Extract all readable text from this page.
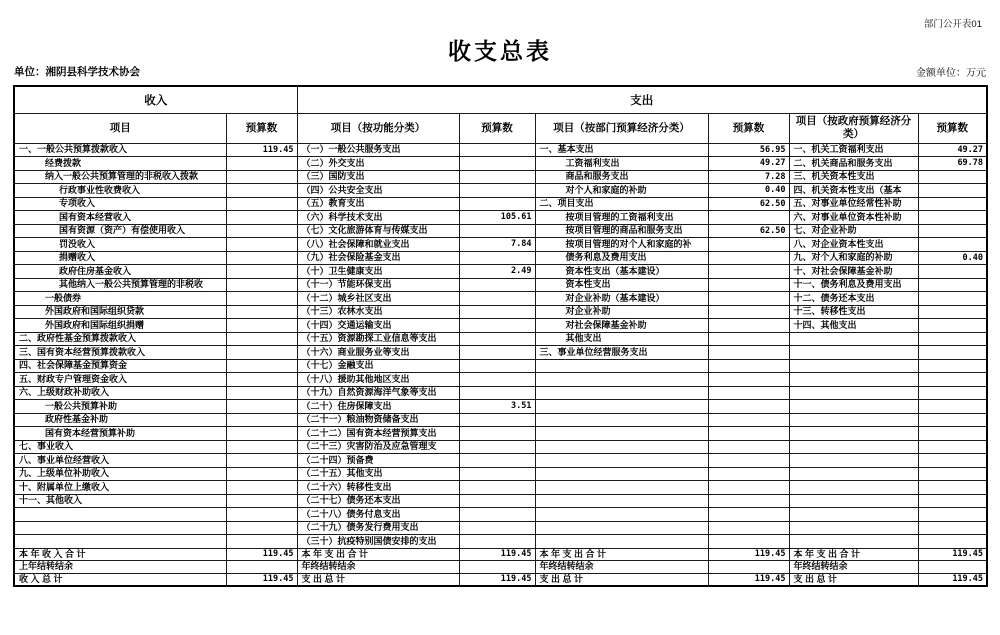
部门公开表01
收支总表
单位：湘阴县科学技术协会	金额单位：万元
收入		支出					
项目	预算数	项目（按功能分类）	预算数	项目（按部门预算经济分类）	预算数	项目（按政府预算经济分类）	预算数
一、一般公共预算拨款收入	119.45	（一）一般公共服务支出		一、基本支出	56.95	一、机关工资福利支出	49.27
经费拨款		（二）外交支出		工资福利支出	49.27	二、机关商品和服务支出	69.78
纳入一般公共预算管理的非税收入拨款		（三）国防支出		商品和服务支出	7.28	三、机关资本性支出	
行政事业性收费收入		（四）公共安全支出		对个人和家庭的补助	0.40	四、机关资本性支出（基本	
专项收入		（五）教育支出		二、项目支出	62.50	五、对事业单位经常性补助	
国有资本经营收入		（六）科学技术支出	105.61	按项目管理的工资福利支出		六、对事业单位资本性补助	
国有资源（资产）有偿使用收入		（七）文化旅游体育与传媒支出		按项目管理的商品和服务支出	62.50	七、对企业补助	
罚没收入		（八）社会保障和就业支出	7.84	按项目管理的对个人和家庭的补		八、对企业资本性支出	
捐赠收入		（九）社会保险基金支出		债务利息及费用支出		九、对个人和家庭的补助	0.40
政府住房基金收入		（十）卫生健康支出	2.49	资本性支出（基本建设）		十、对社会保障基金补助	
其他纳入一般公共预算管理的非税收		（十一）节能环保支出		资本性支出		十一、债务利息及费用支出	
一般债券		（十二）城乡社区支出		对企业补助（基本建设）		十二、债务还本支出	
外国政府和国际组织贷款		（十三）农林水支出		对企业补助		十三、转移性支出	
外国政府和国际组织捐赠		（十四）交通运输支出		对社会保障基金补助		十四、其他支出	
二、政府性基金预算拨款收入		（十五）资源勘探工业信息等支出		其他支出			
三、国有资本经营预算拨款收入		（十六）商业服务业等支出		三、事业单位经营服务支出			
四、社会保障基金预算资金		（十七）金融支出					
五、财政专户管理资金收入		（十八）援助其他地区支出					
六、上级财政补助收入		（十九）自然资源海洋气象等支出					
一般公共预算补助		（二十）住房保障支出	3.51				
政府性基金补助		（二十一）粮油物资储备支出					
国有资本经营预算补助		（二十二）国有资本经营预算支出					
七、事业收入		（二十三）灾害防治及应急管理支					
八、事业单位经营收入		（二十四）预备费					
九、上级单位补助收入		（二十五）其他支出					
十、附属单位上缴收入		（二十六）转移性支出					
十一、其他收入		（二十七）债务还本支出					
		（二十八）债务付息支出					
		（二十九）债务发行费用支出					
		（三十）抗疫特别国债安排的支出					
本 年 收 入 合 计	119.45	本 年 支 出 合 计	119.45	本 年 支 出 合 计	119.45	本 年 支 出 合 计	119.45
上年结转结余		年终结转结余		年终结转结余		年终结转结余	
收 入 总 计	119.45	支 出 总 计	119.45	支 出 总 计	119.45	支 出 总 计	119.45
